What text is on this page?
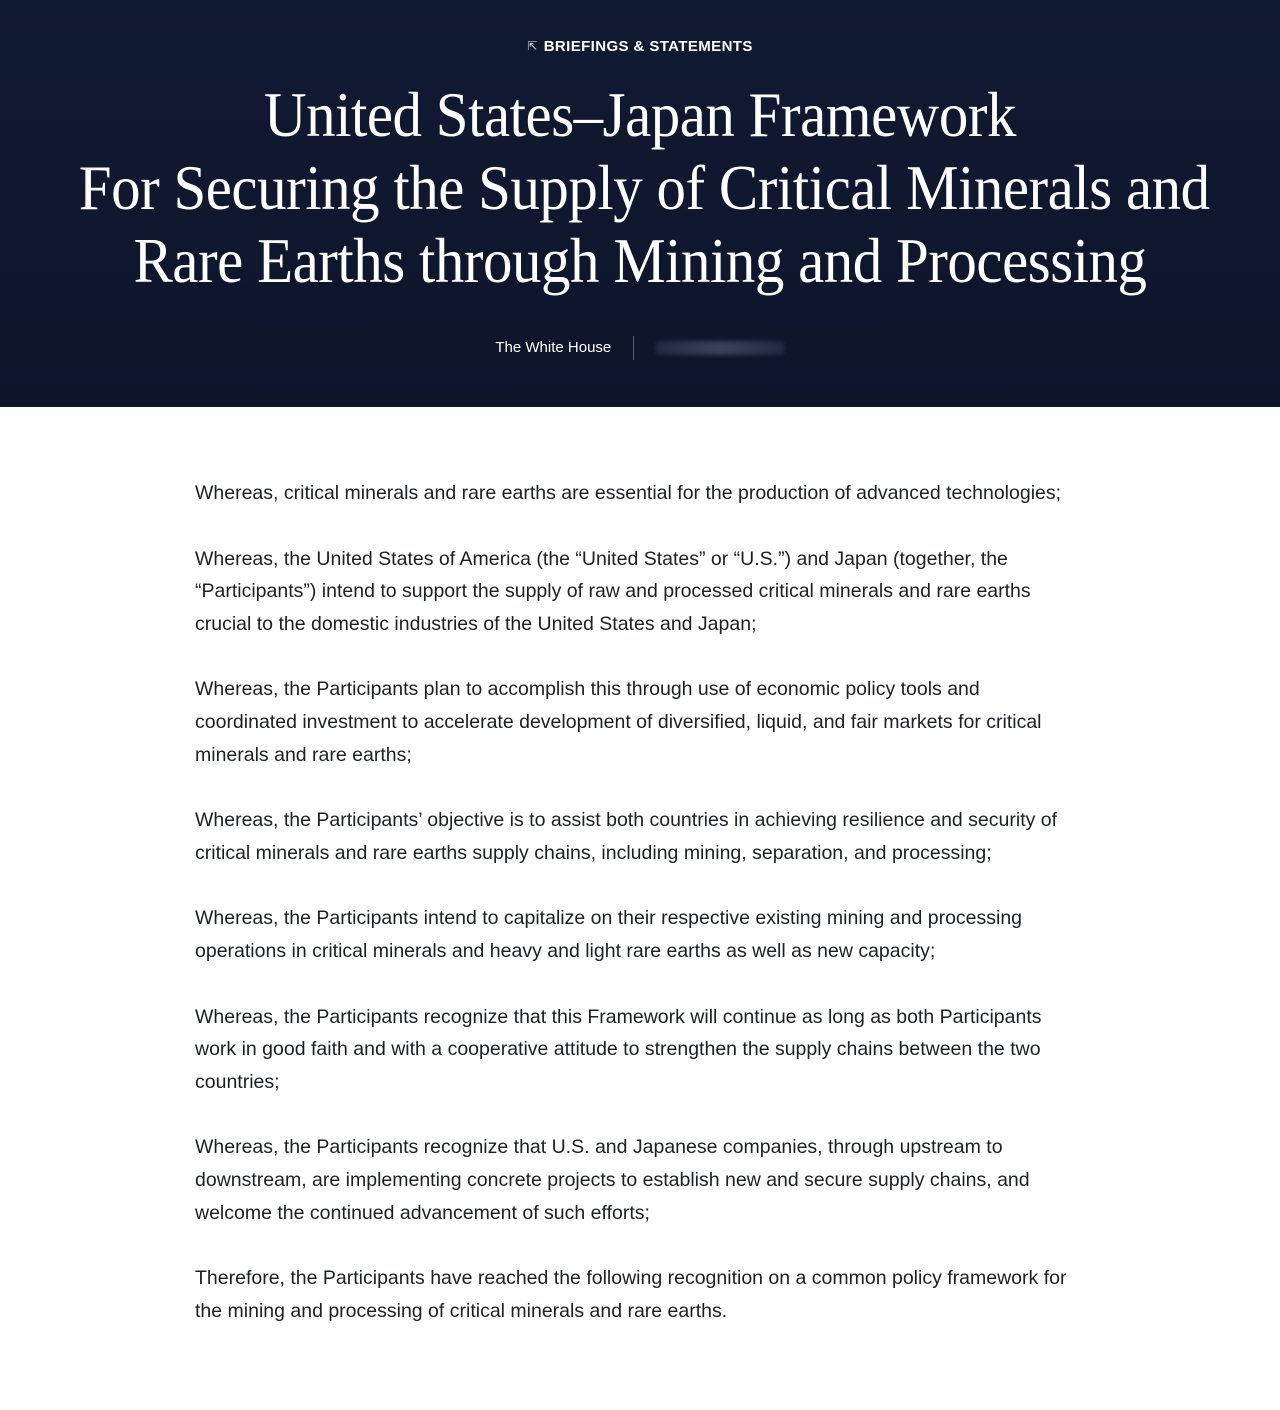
⇱ BRIEFINGS & STATEMENTS
United States–Japan Framework
For Securing the Supply of Critical Minerals and
Rare Earths through Mining and Processing
The White House

Whereas, critical minerals and rare earths are essential for the production of advanced technologies;

Whereas, the United States of America (the “United States” or “U.S.”) and Japan (together, the “Participants”) intend to support the supply of raw and processed critical minerals and rare earths crucial to the domestic industries of the United States and Japan;

Whereas, the Participants plan to accomplish this through use of economic policy tools and coordinated investment to accelerate development of diversified, liquid, and fair markets for critical minerals and rare earths;

Whereas, the Participants’ objective is to assist both countries in achieving resilience and security of critical minerals and rare earths supply chains, including mining, separation, and processing;

Whereas, the Participants intend to capitalize on their respective existing mining and processing operations in critical minerals and heavy and light rare earths as well as new capacity;

Whereas, the Participants recognize that this Framework will continue as long as both Participants work in good faith and with a cooperative attitude to strengthen the supply chains between the two countries;

Whereas, the Participants recognize that U.S. and Japanese companies, through upstream to downstream, are implementing concrete projects to establish new and secure supply chains, and welcome the continued advancement of such efforts;

Therefore, the Participants have reached the following recognition on a common policy framework for the mining and processing of critical minerals and rare earths.
